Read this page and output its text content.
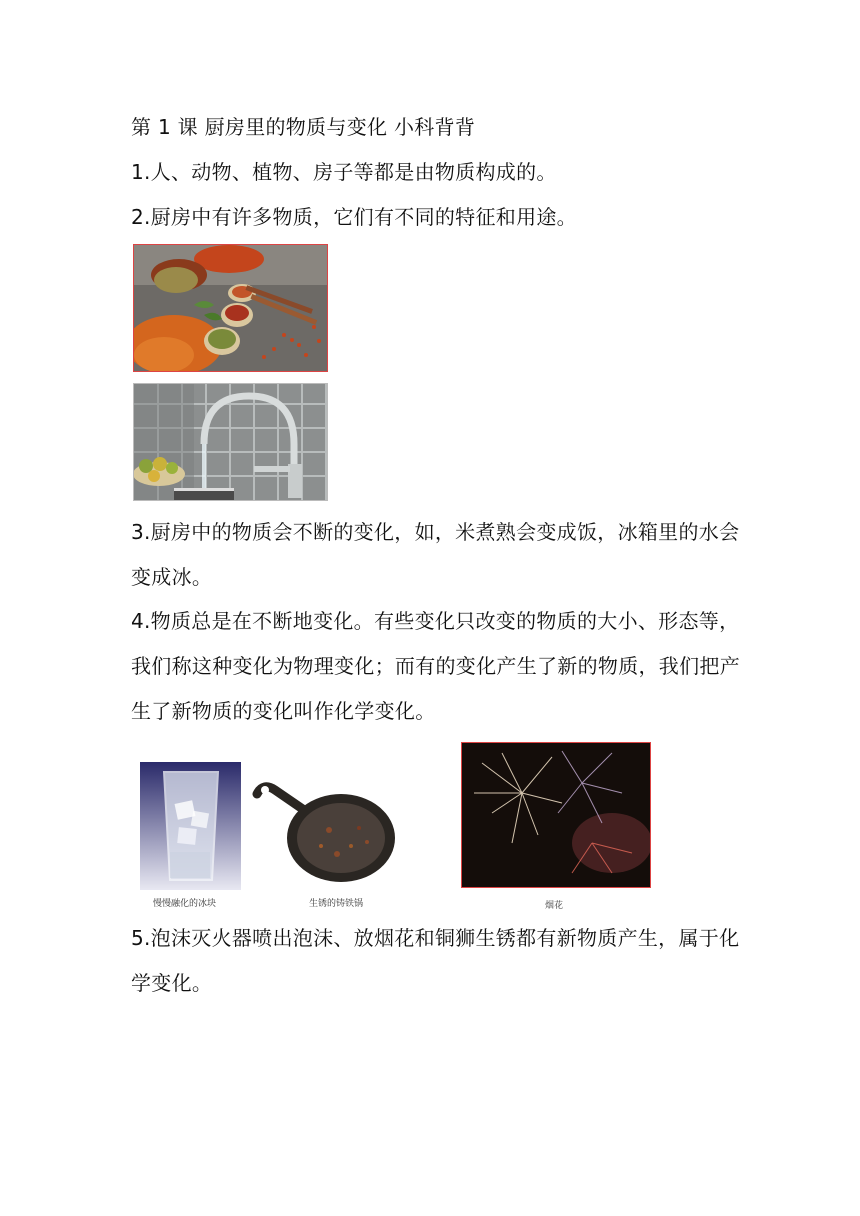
第 1 课 厨房里的物质与变化 小科背背
1.人、动物、植物、房子等都是由物质构成的。
2.厨房中有许多物质，它们有不同的特征和用途。
3.厨房中的物质会不断的变化，如，米煮熟会变成饭，冰箱里的水会
变成冰。
4.物质总是在不断地变化。有些变化只改变的物质的大小、形态等，
我们称这种变化为物理变化；而有的变化产生了新的物质，我们把产
生了新物质的变化叫作化学变化。
慢慢融化的冰块	生锈的铸铁锅	烟花
5.泡沫灭火器喷出泡沫、放烟花和铜狮生锈都有新物质产生，属于化
学变化。
